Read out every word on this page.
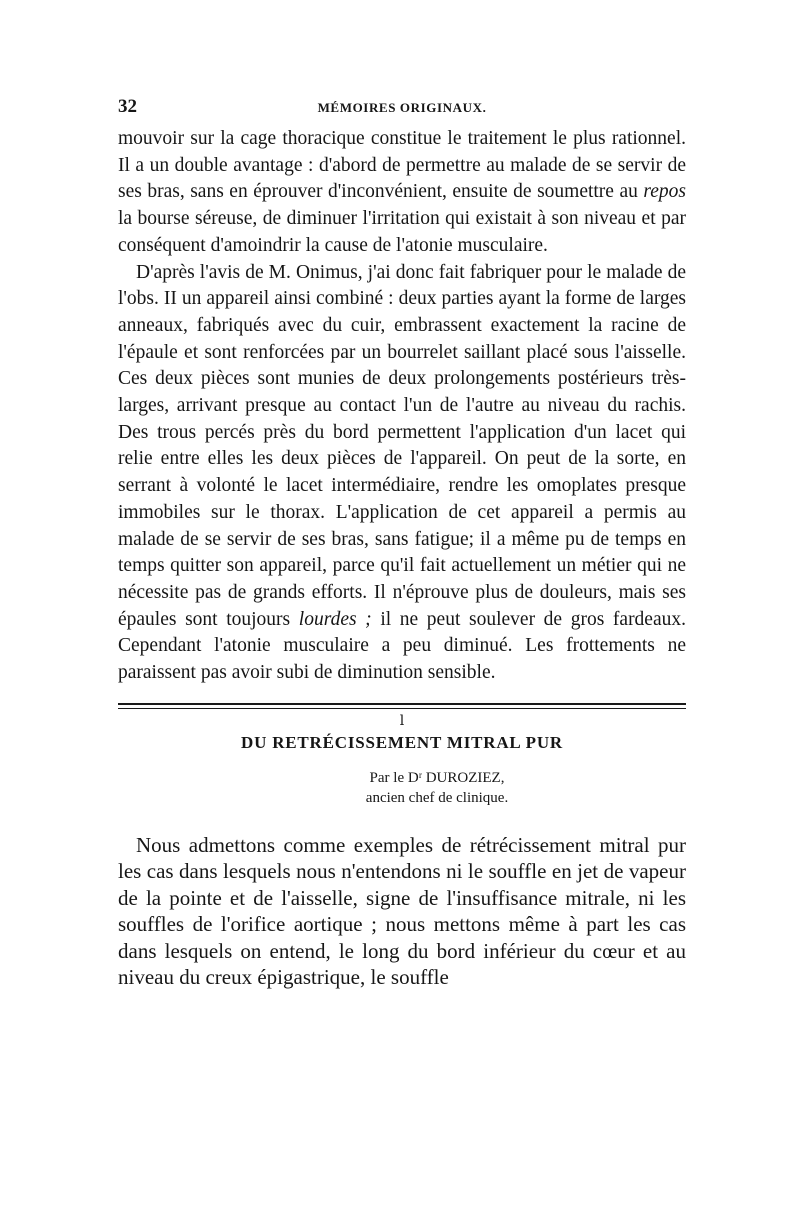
32	MÉMOIRES ORIGINAUX.

mouvoir sur la cage thoracique constitue le traitement le plus rationnel. Il a un double avantage : d'abord de permettre au malade de se servir de ses bras, sans en éprouver d'inconvénient, ensuite de soumettre au repos la bourse séreuse, de diminuer l'irritation qui existait à son niveau et par conséquent d'amoindrir la cause de l'atonie musculaire.

D'après l'avis de M. Onimus, j'ai donc fait fabriquer pour le malade de l'obs. II un appareil ainsi combiné : deux parties ayant la forme de larges anneaux, fabriqués avec du cuir, embrassent exactement la racine de l'épaule et sont renforcées par un bourrelet saillant placé sous l'aisselle. Ces deux pièces sont munies de deux prolongements postérieurs très-larges, arrivant presque au contact l'un de l'autre au niveau du rachis. Des trous percés près du bord permettent l'application d'un lacet qui relie entre elles les deux pièces de l'appareil. On peut de la sorte, en serrant à volonté le lacet intermédiaire, rendre les omoplates presque immobiles sur le thorax. L'application de cet appareil a permis au malade de se servir de ses bras, sans fatigue; il a même pu de temps en temps quitter son appareil, parce qu'il fait actuellement un métier qui ne nécessite pas de grands efforts. Il n'éprouve plus de douleurs, mais ses épaules sont toujours lourdes ; il ne peut soulever de gros fardeaux. Cependant l'atonie musculaire a peu diminué. Les frottements ne paraissent pas avoir subi de diminution sensible.

ⅼ
DU RETRÉCISSEMENT MITRAL PUR
Par le Dʳ DUROZIEZ,
ancien chef de clinique.

Nous admettons comme exemples de rétrécissement mitral pur les cas dans lesquels nous n'entendons ni le souffle en jet de vapeur de la pointe et de l'aisselle, signe de l'insuffisance mitrale, ni les souffles de l'orifice aortique ; nous mettons même à part les cas dans lesquels on entend, le long du bord inférieur du cœur et au niveau du creux épigastrique, le souffle
